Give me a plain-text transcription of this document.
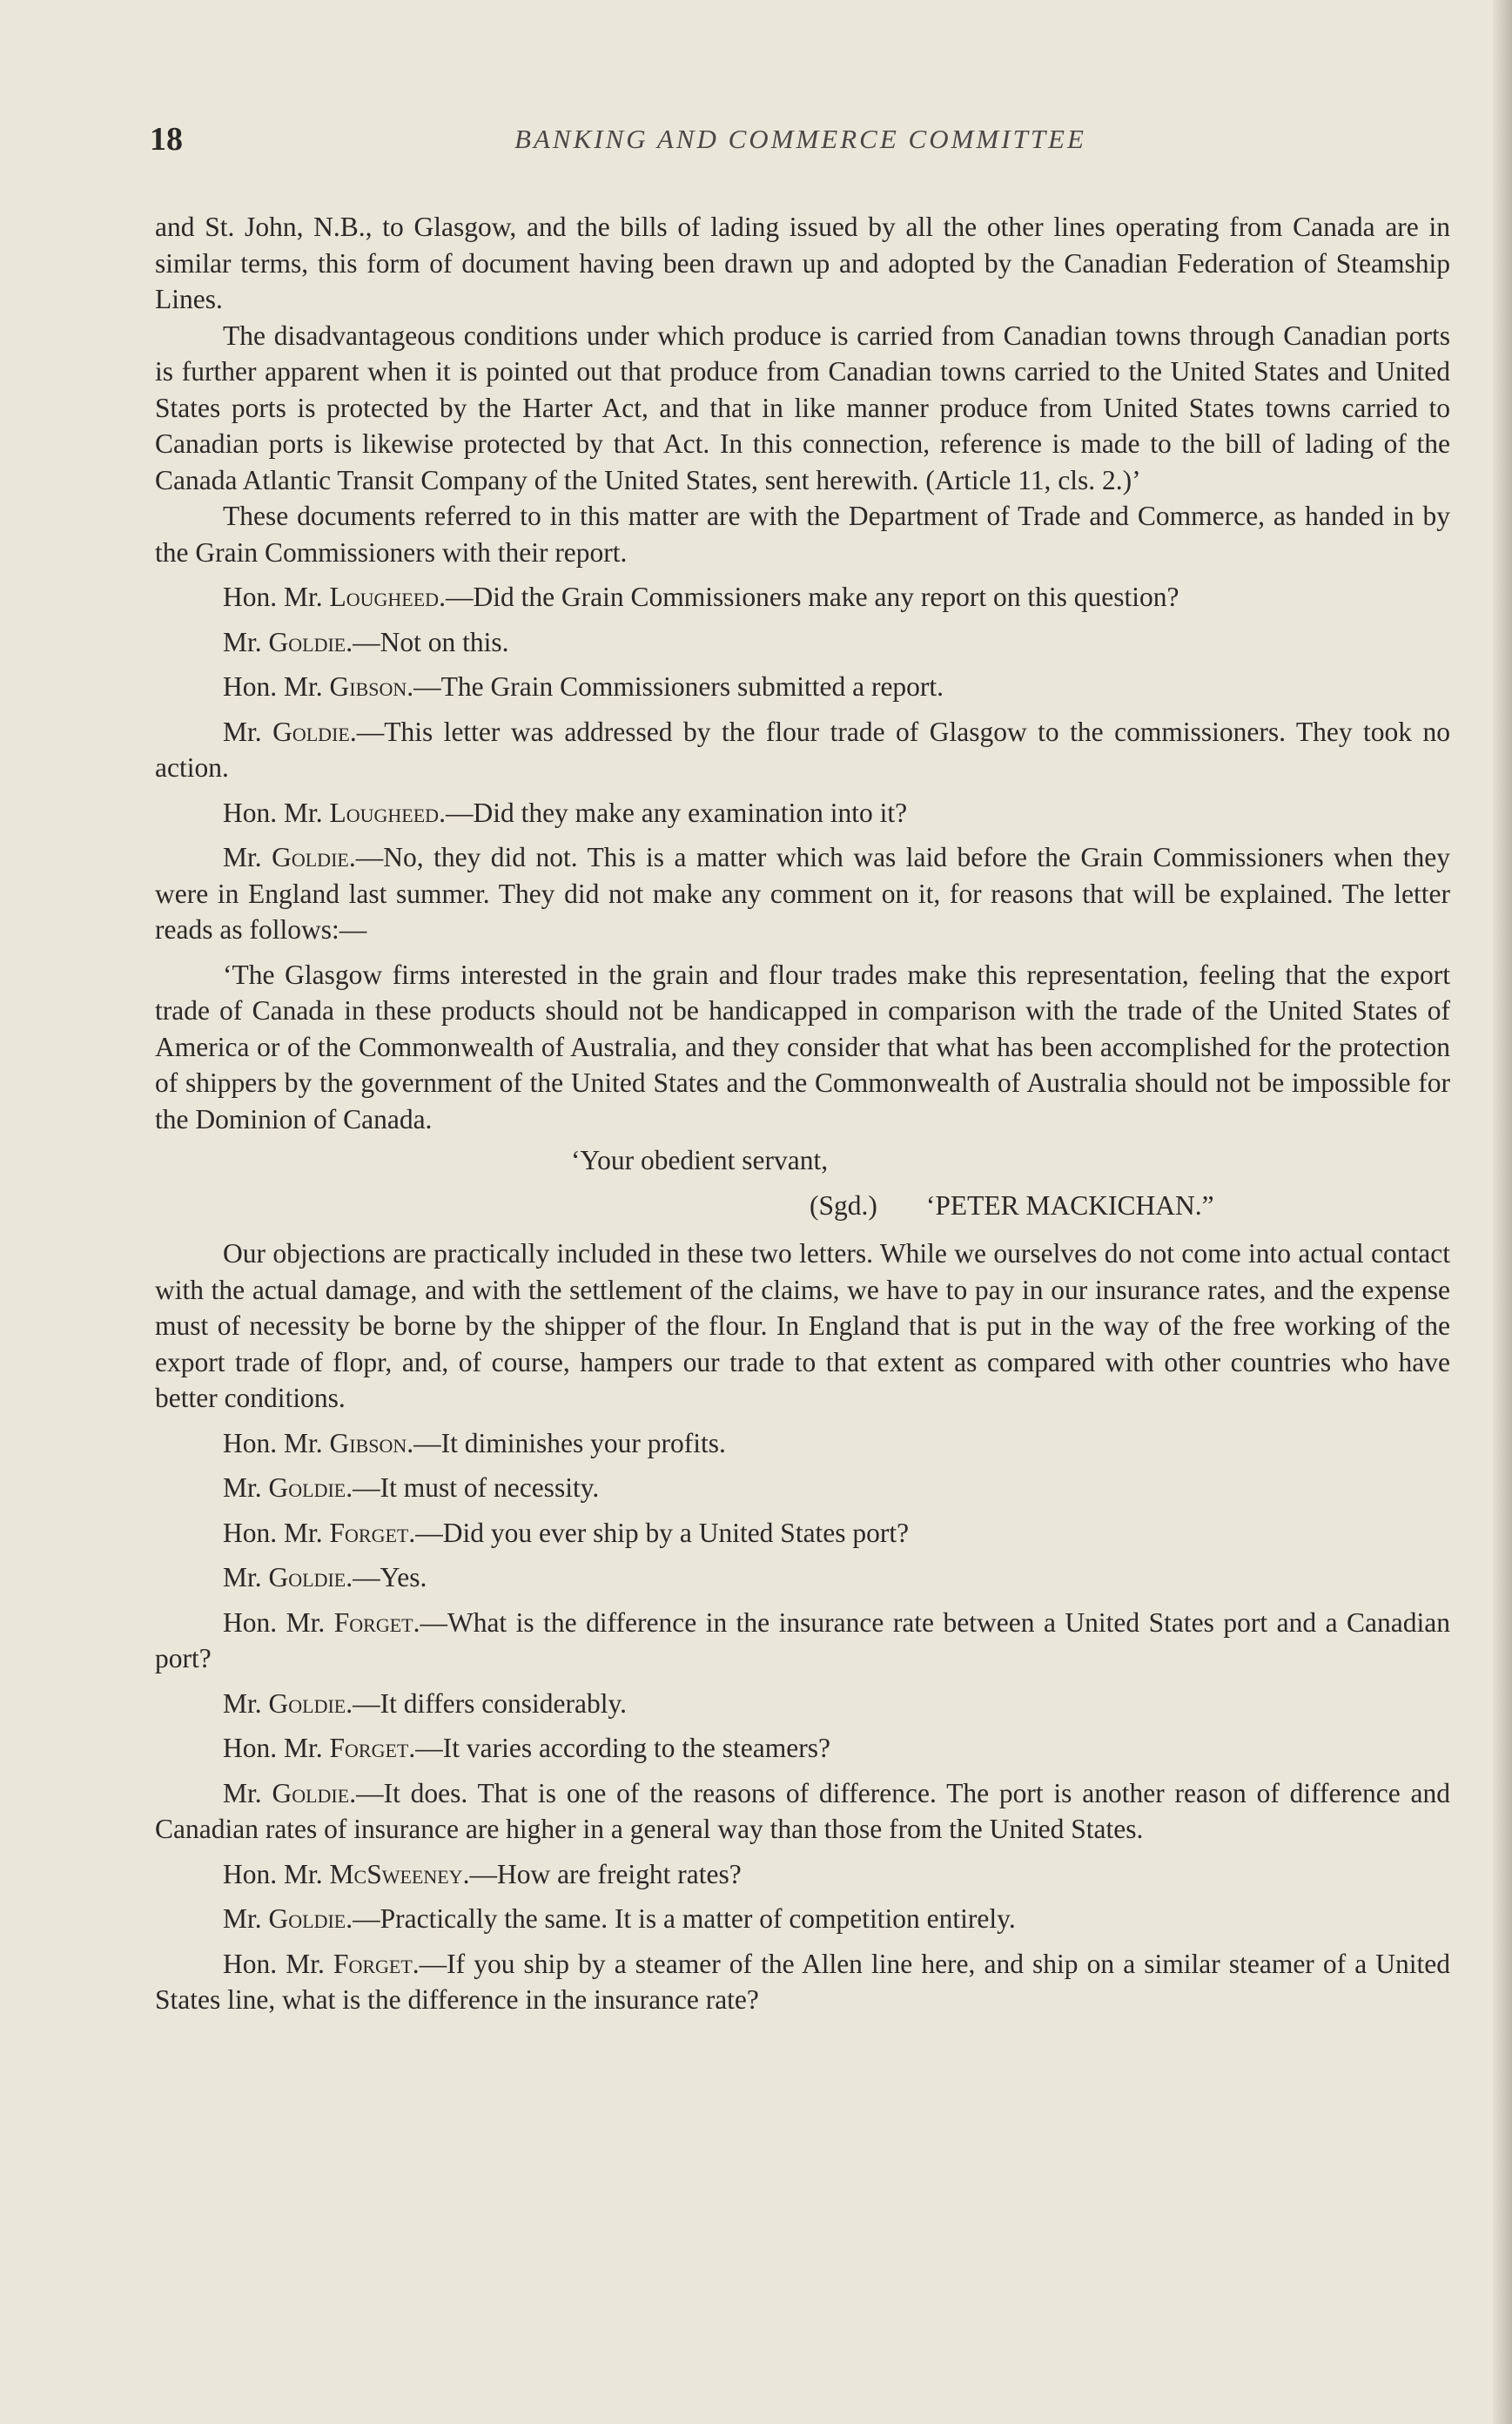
18	BANKING AND COMMERCE COMMITTEE

and St. John, N.B., to Glasgow, and the bills of lading issued by all the other lines operating from Canada are in similar terms, this form of document having been drawn up and adopted by the Canadian Federation of Steamship Lines.

The disadvantageous conditions under which produce is carried from Canadian towns through Canadian ports is further apparent when it is pointed out that produce from Canadian towns carried to the United States and United States ports is protected by the Harter Act, and that in like manner produce from United States towns carried to Canadian ports is likewise protected by that Act. In this connection, reference is made to the bill of lading of the Canada Atlantic Transit Company of the United States, sent herewith. (Article 11, cls. 2.)’

These documents referred to in this matter are with the Department of Trade and Commerce, as handed in by the Grain Commissioners with their report.

Hon. Mr. Lougheed.—Did the Grain Commissioners make any report on this question?

Mr. Goldie.—Not on this.

Hon. Mr. Gibson.—The Grain Commissioners submitted a report.

Mr. Goldie.—This letter was addressed by the flour trade of Glasgow to the commissioners. They took no action.

Hon. Mr. Lougheed.—Did they make any examination into it?

Mr. Goldie.—No, they did not. This is a matter which was laid before the Grain Commissioners when they were in England last summer. They did not make any comment on it, for reasons that will be explained. The letter reads as follows:—

‘The Glasgow firms interested in the grain and flour trades make this representation, feeling that the export trade of Canada in these products should not be handicapped in comparison with the trade of the United States of America or of the Commonwealth of Australia, and they consider that what has been accomplished for the protection of shippers by the government of the United States and the Commonwealth of Australia should not be impossible for the Dominion of Canada.

‘Your obedient servant,

(Sgd.) ‘PETER MACKICHAN.”

Our objections are practically included in these two letters. While we ourselves do not come into actual contact with the actual damage, and with the settlement of the claims, we have to pay in our insurance rates, and the expense must of necessity be borne by the shipper of the flour. In England that is put in the way of the free working of the export trade of flopr, and, of course, hampers our trade to that extent as compared with other countries who have better conditions.

Hon. Mr. Gibson.—It diminishes your profits.

Mr. Goldie.—It must of necessity.

Hon. Mr. Forget.—Did you ever ship by a United States port?

Mr. Goldie.—Yes.

Hon. Mr. Forget.—What is the difference in the insurance rate between a United States port and a Canadian port?

Mr. Goldie.—It differs considerably.

Hon. Mr. Forget.—It varies according to the steamers?

Mr. Goldie.—It does. That is one of the reasons of difference. The port is another reason of difference and Canadian rates of insurance are higher in a general way than those from the United States.

Hon. Mr. McSweeney.—How are freight rates?

Mr. Goldie.—Practically the same. It is a matter of competition entirely.

Hon. Mr. Forget.—If you ship by a steamer of the Allen line here, and ship on a similar steamer of a United States line, what is the difference in the insurance rate?
